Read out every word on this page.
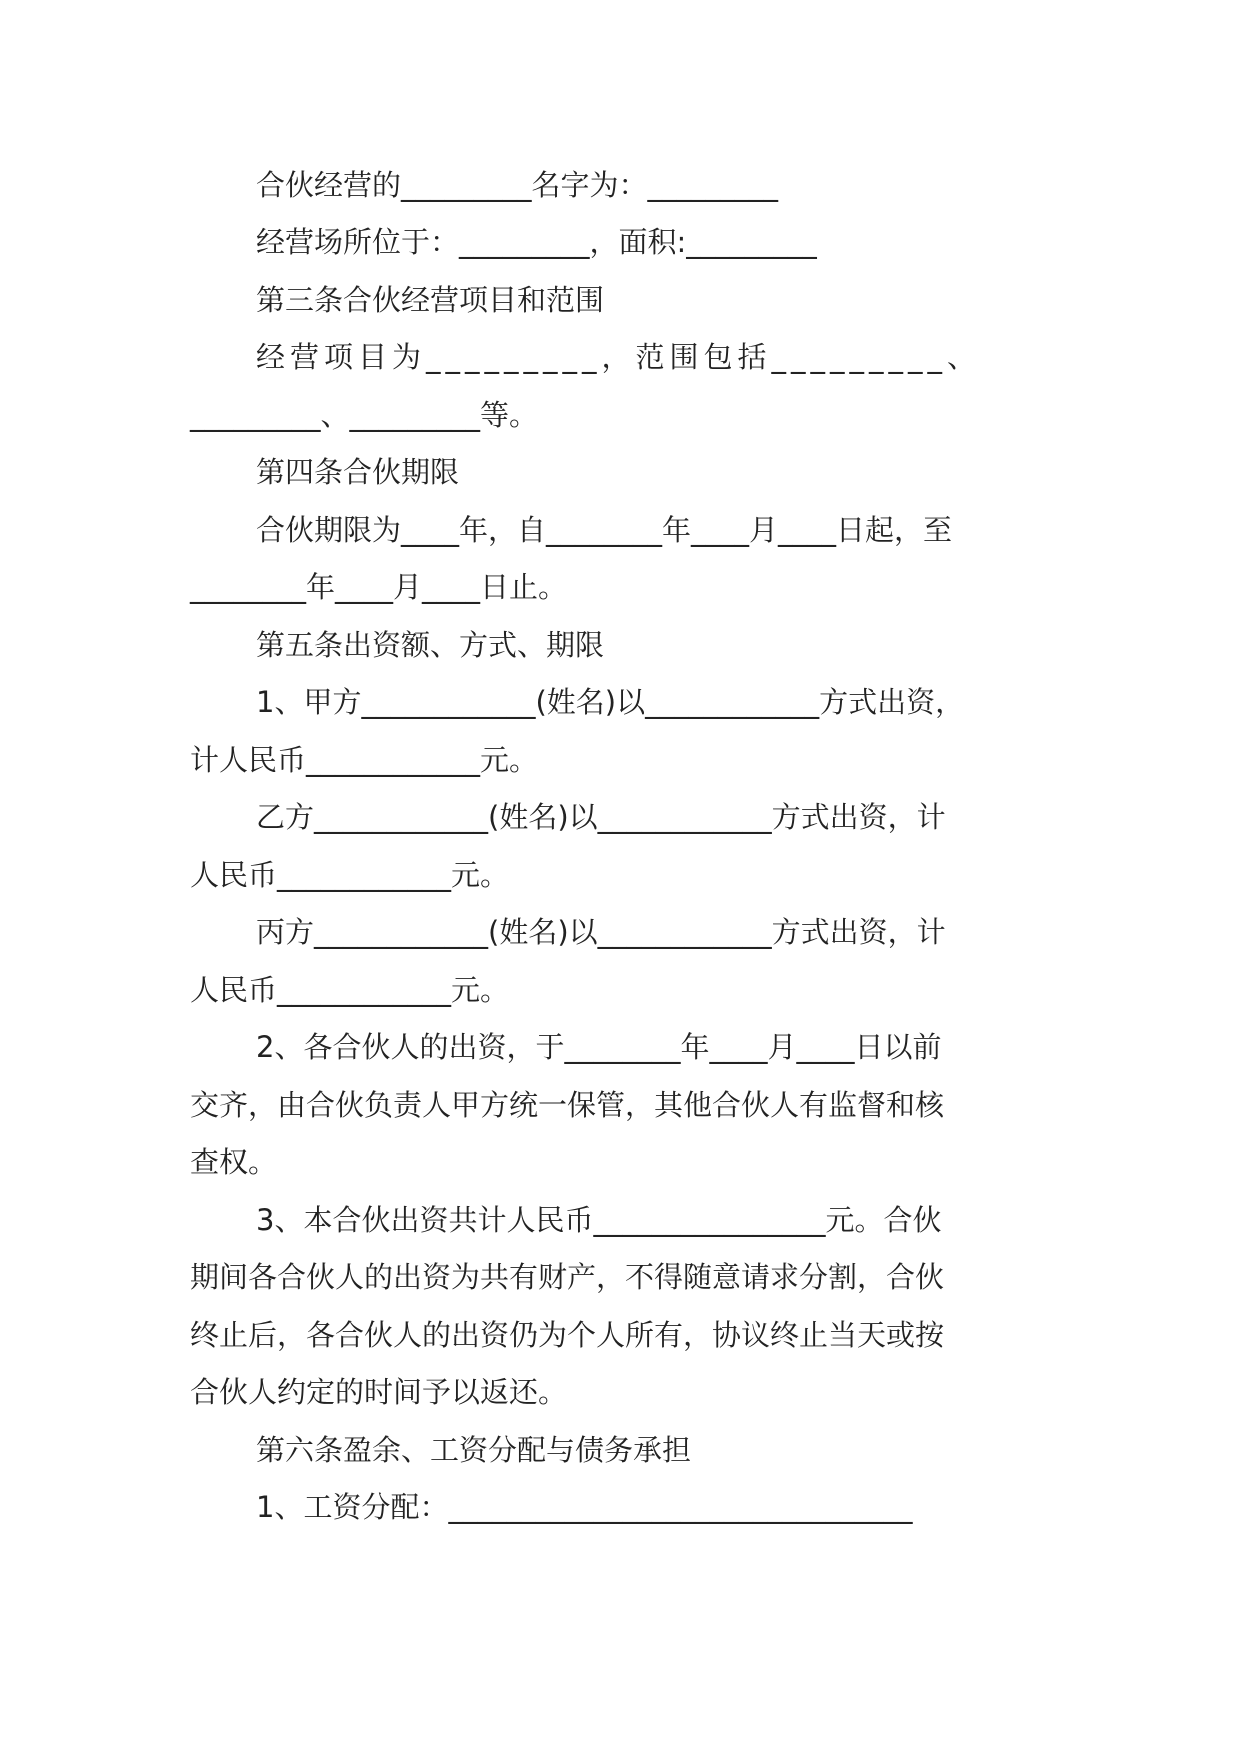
合伙经营的_________名字为：_________
经营场所位于：_________，面积:_________
第三条合伙经营项目和范围
经营项目为_________，范围包括_________、
_________、_________等。
第四条合伙期限
合伙期限为____年，自________年____月____日起，至
________年____月____日止。
第五条出资额、方式、期限
1、甲方____________(姓名)以____________方式出资，
计人民币____________元。
乙方____________(姓名)以____________方式出资，计
人民币____________元。
丙方____________(姓名)以____________方式出资，计
人民币____________元。
2、各合伙人的出资，于________年____月____日以前
交齐，由合伙负责人甲方统一保管，其他合伙人有监督和核
查权。
3、本合伙出资共计人民币________________元。合伙
期间各合伙人的出资为共有财产，不得随意请求分割，合伙
终止后，各合伙人的出资仍为个人所有，协议终止当天或按
合伙人约定的时间予以返还。
第六条盈余、工资分配与债务承担
1、工资分配：________________________________
